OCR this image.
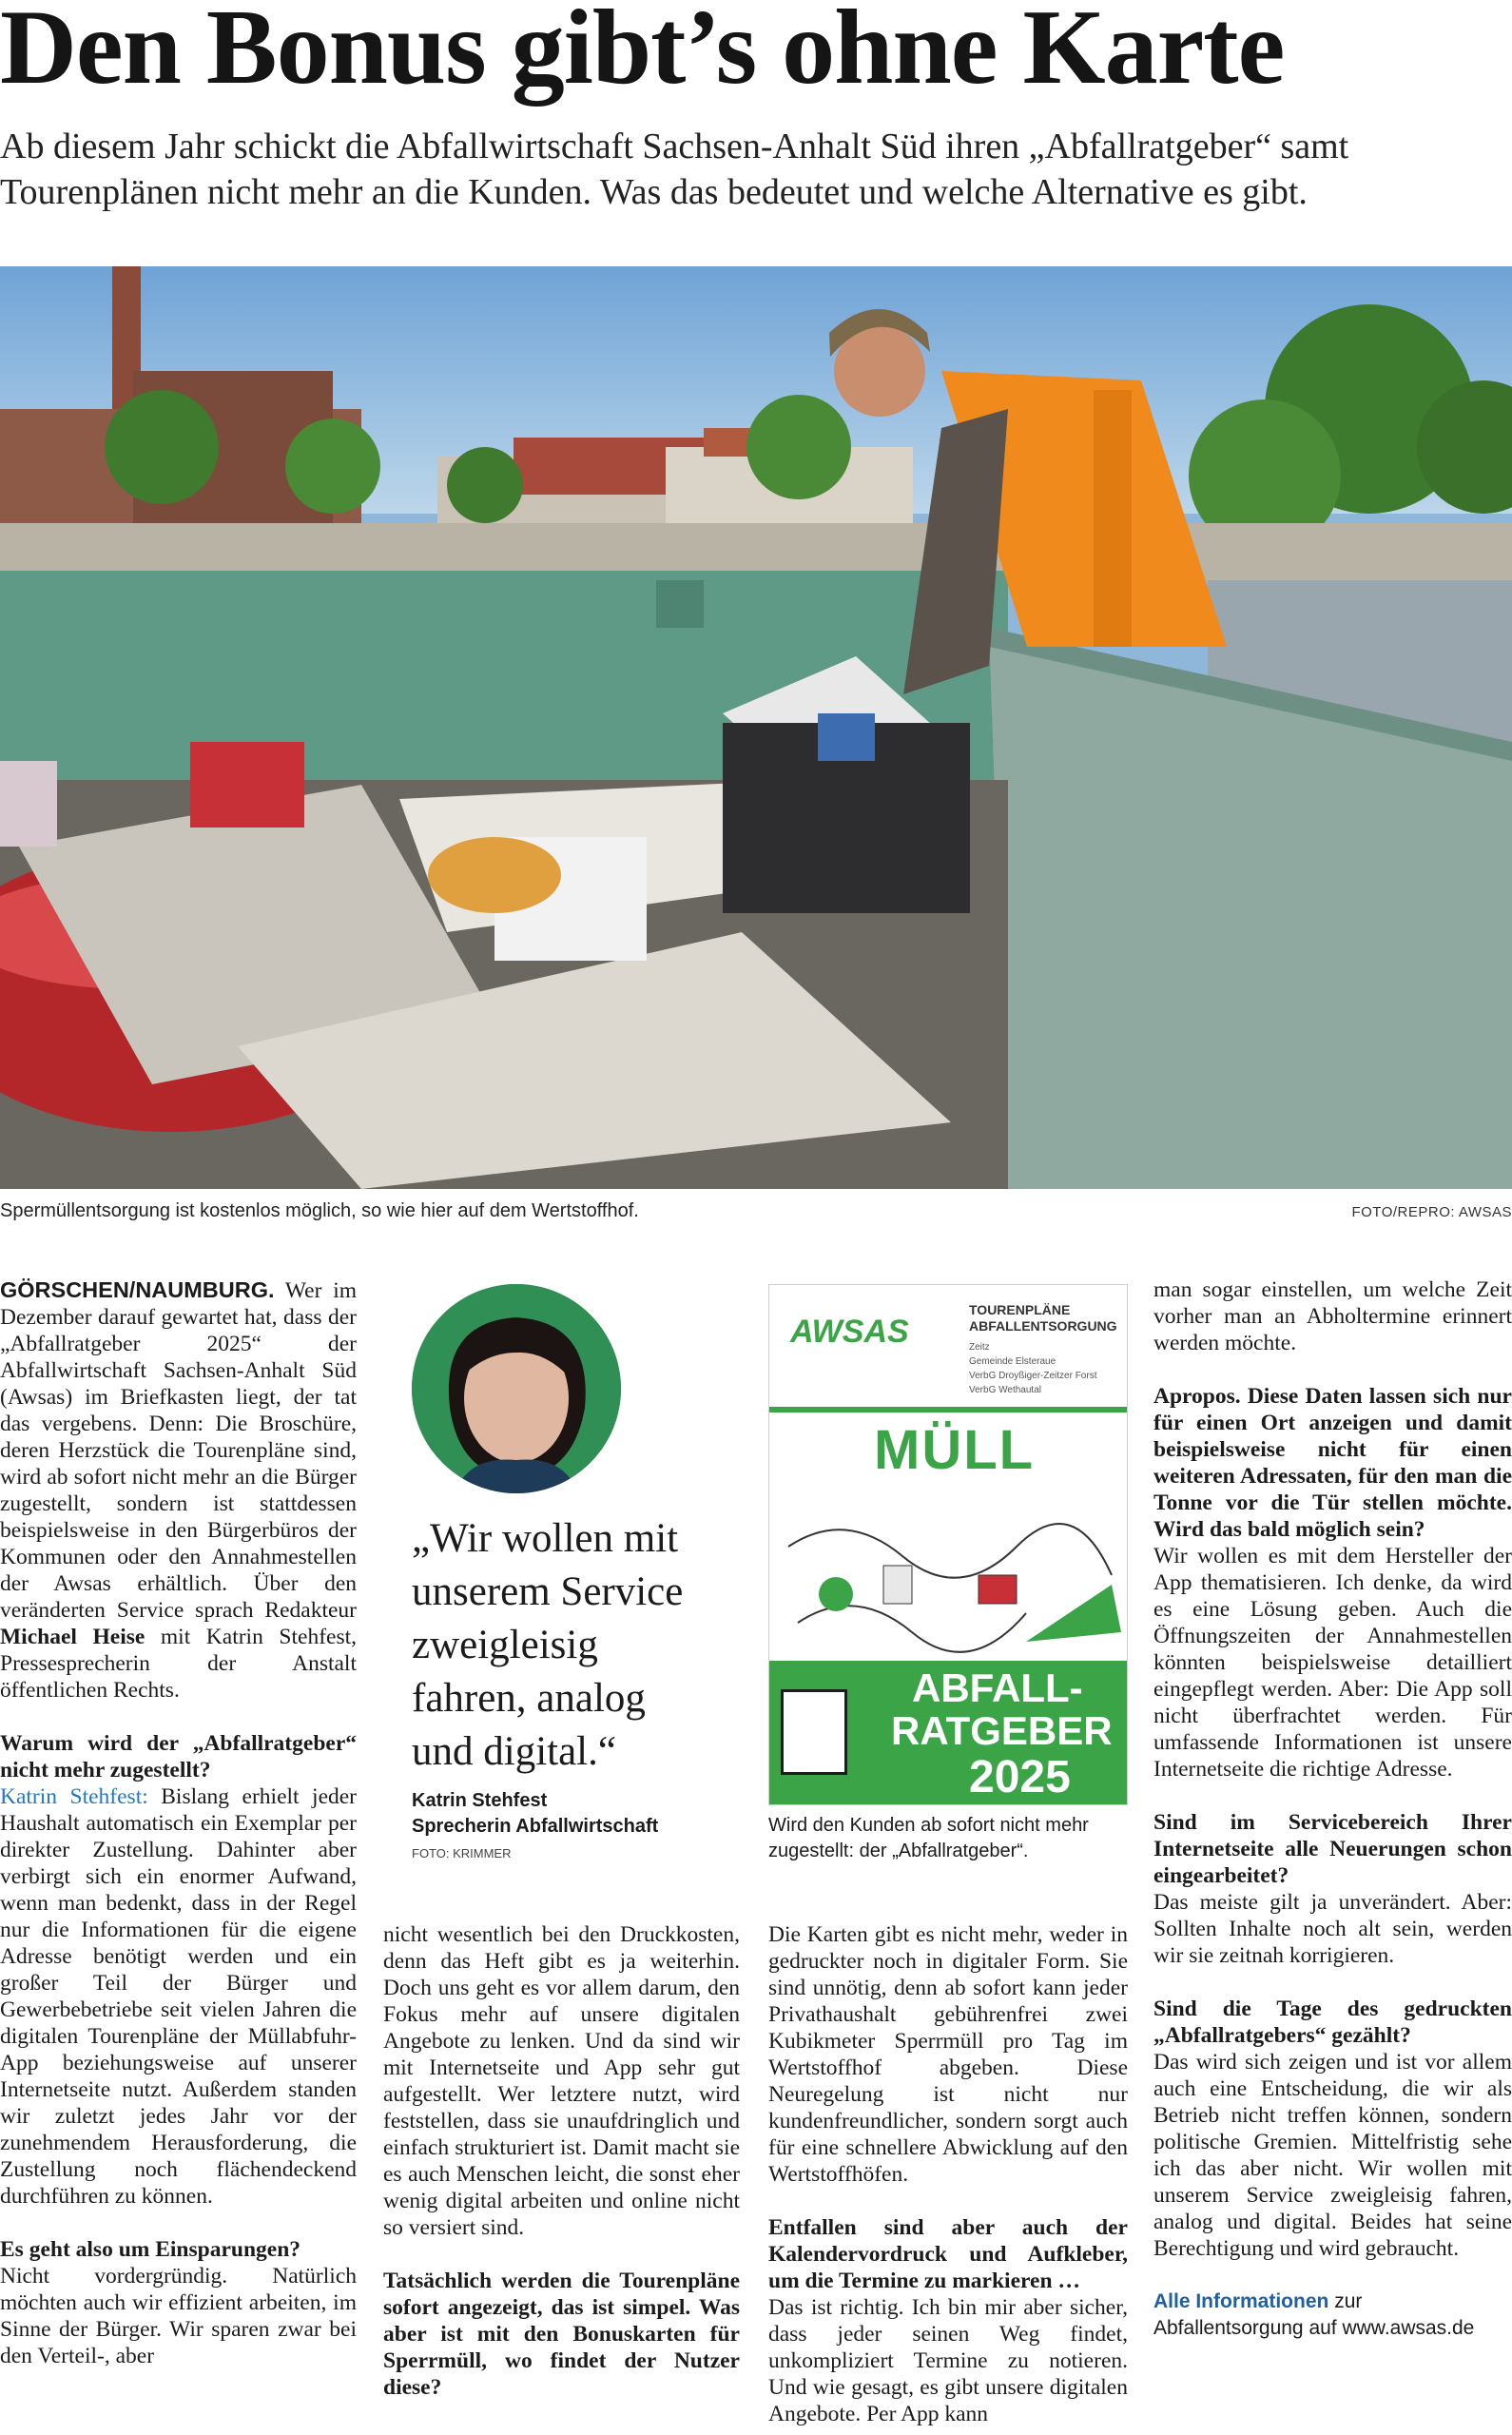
Den Bonus gibt’s ohne Karte

Ab diesem Jahr schickt die Abfallwirtschaft Sachsen-Anhalt Süd ihren „Abfallratgeber“ samt Tourenplänen nicht mehr an die Kunden. Was das bedeutet und welche Alternative es gibt.

Spermüllentsorgung ist kostenlos möglich, so wie hier auf dem Wertstoffhof.	FOTO/REPRO: AWSAS

GÖRSCHEN/NAUMBURG. Wer im Dezember darauf gewartet hat, dass der „Abfallratgeber 2025“ der Abfallwirtschaft Sachsen-Anhalt Süd (Awsas) im Briefkasten liegt, der tat das vergebens. Denn: Die Broschüre, deren Herzstück die Tourenpläne sind, wird ab sofort nicht mehr an die Bürger zugestellt, sondern ist stattdessen beispielsweise in den Bürgerbüros der Kommunen oder den Annahmestellen der Awsas erhältlich. Über den veränderten Service sprach Redakteur Michael Heise mit Katrin Stehfest, Pressesprecherin der Anstalt öffentlichen Rechts.

Warum wird der „Abfallratgeber“ nicht mehr zugestellt?

Katrin Stehfest: Bislang erhielt jeder Haushalt automatisch ein Exemplar per direkter Zustellung. Dahinter aber verbirgt sich ein enormer Aufwand, wenn man bedenkt, dass in der Regel nur die Informationen für die eigene Adresse benötigt werden und ein großer Teil der Bürger und Gewerbebetriebe seit vielen Jahren die digitalen Tourenpläne der Müllabfuhr-App beziehungsweise auf unserer Internetseite nutzt. Außerdem standen wir zuletzt jedes Jahr vor der zunehmendem Herausforderung, die Zustellung noch flächendeckend durchführen zu können.

Es geht also um Einsparungen?

Nicht vordergründig. Natürlich möchten auch wir effizient arbeiten, im Sinne der Bürger. Wir sparen zwar bei den Verteil-, aber

„Wir wollen mit unserem Service zweigleisig fahren, analog und digital.“

Katrin Stehfest
Sprecherin Abfallwirtschaft
FOTO: KRIMMER

nicht wesentlich bei den Druckkosten, denn das Heft gibt es ja weiterhin. Doch uns geht es vor allem darum, den Fokus mehr auf unsere digitalen Angebote zu lenken. Und da sind wir mit Internetseite und App sehr gut aufgestellt. Wer letztere nutzt, wird feststellen, dass sie unaufdringlich und einfach strukturiert ist. Damit macht sie es auch Menschen leicht, die sonst eher wenig digital arbeiten und online nicht so versiert sind.

Tatsächlich werden die Tourenpläne sofort angezeigt, das ist simpel. Was aber ist mit den Bonuskarten für Sperrmüll, wo findet der Nutzer diese?

AWSAS
TOURENPLÄNE
ABFALLENTSORGUNG
Zeitz
Gemeinde Elsteraue
VerbG Droyßiger-Zeitzer Forst
VerbG Wethautal
MÜLL
ABFALL-
RATGEBER
2025
Wird den Kunden ab sofort nicht mehr zugestellt: der „Abfallratgeber“.

Die Karten gibt es nicht mehr, weder in gedruckter noch in digitaler Form. Sie sind unnötig, denn ab sofort kann jeder Privathaushalt gebührenfrei zwei Kubikmeter Sperrmüll pro Tag im Wertstoffhof abgeben. Diese Neuregelung ist nicht nur kundenfreundlicher, sondern sorgt auch für eine schnellere Abwicklung auf den Wertstoffhöfen.

Entfallen sind aber auch der Kalendervordruck und Aufkleber, um die Termine zu markieren …

Das ist richtig. Ich bin mir aber sicher, dass jeder seinen Weg findet, unkompliziert Termine zu notieren. Und wie gesagt, es gibt unsere digitalen Angebote. Per App kann

man sogar einstellen, um welche Zeit vorher man an Abholtermine erinnert werden möchte.

Apropos. Diese Daten lassen sich nur für einen Ort anzeigen und damit beispielsweise nicht für einen weiteren Adressaten, für den man die Tonne vor die Tür stellen möchte. Wird das bald möglich sein?

Wir wollen es mit dem Hersteller der App thematisieren. Ich denke, da wird es eine Lösung geben. Auch die Öffnungszeiten der Annahmestellen könnten beispielsweise detailliert eingepflegt werden. Aber: Die App soll nicht überfrachtet werden. Für umfassende Informationen ist unsere Internetseite die richtige Adresse.

Sind im Servicebereich Ihrer Internetseite alle Neuerungen schon eingearbeitet?

Das meiste gilt ja unverändert. Aber: Sollten Inhalte noch alt sein, werden wir sie zeitnah korrigieren.

Sind die Tage des gedruckten „Abfallratgebers“ gezählt?

Das wird sich zeigen und ist vor allem auch eine Entscheidung, die wir als Betrieb nicht treffen können, sondern politische Gremien. Mittelfristig sehe ich das aber nicht. Wir wollen mit unserem Service zweigleisig fahren, analog und digital. Beides hat seine Berechtigung und wird gebraucht.

Alle Informationen zur Abfallentsorgung auf www.awsas.de
